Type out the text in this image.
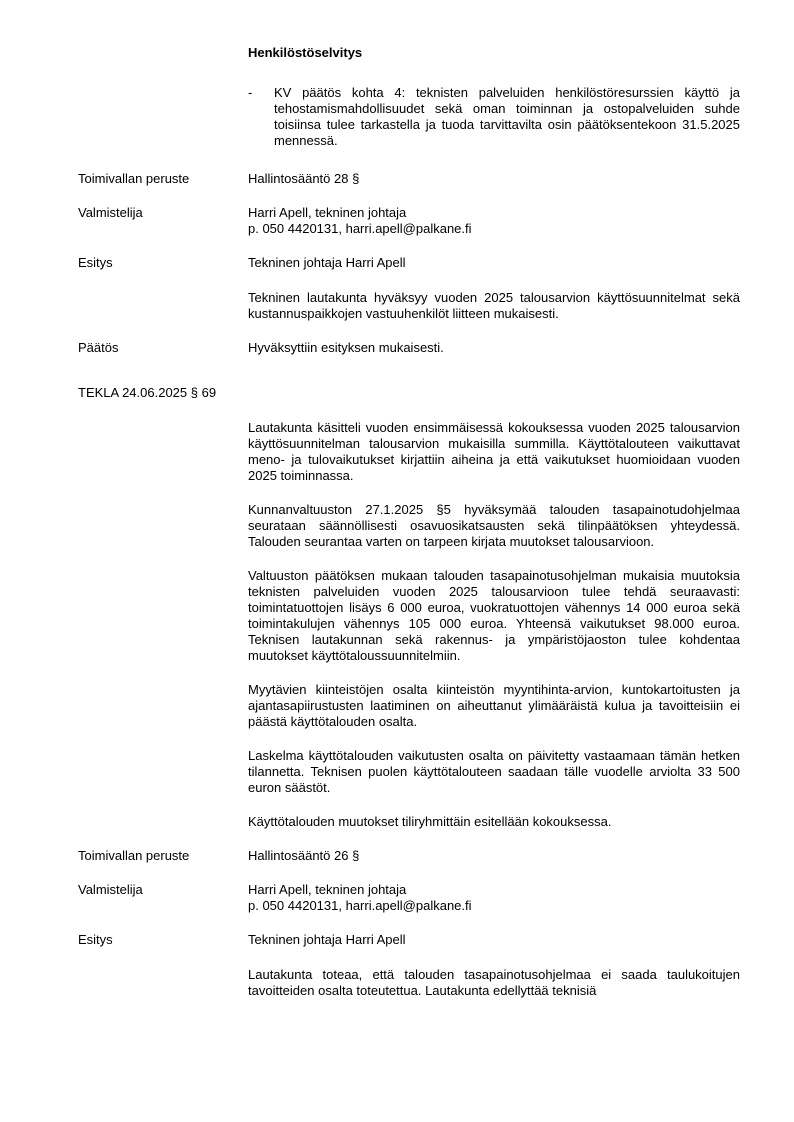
Henkilöstöselvitys
-	KV päätös kohta 4: teknisten palveluiden henkilöstöresurssien käyttö ja tehostamismahdollisuudet sekä oman toiminnan ja ostopalveluiden suhde toisiinsa tulee tarkastella ja tuoda tarvittavilta osin päätöksentekoon 31.5.2025 mennessä.

Toimivallan peruste	Hallintosääntö 28 §
Valmistelija	Harri Apell, tekninen johtaja
p. 050 4420131, harri.apell@palkane.fi
Esitys	Tekninen johtaja Harri Apell

Tekninen lautakunta hyväksyy vuoden 2025 talousarvion käyttösuunnitelmat sekä kustannuspaikkojen vastuuhenkilöt liitteen mukaisesti.

Päätös	Hyväksyttiin esityksen mukaisesti.
TEKLA 24.06.2025 § 69

Lautakunta käsitteli vuoden ensimmäisessä kokouksessa vuoden 2025 talousarvion käyttösuunnitelman talousarvion mukaisilla summilla. Käyttötalouteen vaikuttavat meno- ja tulovaikutukset kirjattiin aiheina ja että vaikutukset huomioidaan vuoden 2025 toiminnassa.

Kunnanvaltuuston 27.1.2025 §5 hyväksymää talouden tasapainotudohjelmaa seurataan säännöllisesti osavuosikatsausten sekä tilinpäätöksen yhteydessä. Talouden seurantaa varten on tarpeen kirjata muutokset talousarvioon.

Valtuuston päätöksen mukaan talouden tasapainotusohjelman mukaisia muutoksia teknisten palveluiden vuoden 2025 talousarvioon tulee tehdä seuraavasti: toimintatuottojen lisäys 6 000 euroa, vuokratuottojen vähennys 14 000 euroa sekä toimintakulujen vähennys 105 000 euroa. Yhteensä vaikutukset 98.000 euroa. Teknisen lautakunnan sekä rakennus- ja ympäristöjaoston tulee kohdentaa muutokset käyttötaloussuunnitelmiin.

Myytävien kiinteistöjen osalta kiinteistön myyntihinta-arvion, kuntokartoitusten ja ajantasapiirustusten laatiminen on aiheuttanut ylimääräistä kulua ja tavoitteisiin ei päästä käyttötalouden osalta.

Laskelma käyttötalouden vaikutusten osalta on päivitetty vastaamaan tämän hetken tilannetta. Teknisen puolen käyttötalouteen saadaan tälle vuodelle arviolta 33 500 euron säästöt.

Käyttötalouden muutokset tiliryhmittäin esitellään kokouksessa.

Toimivallan peruste	Hallintosääntö 26 §
Valmistelija	Harri Apell, tekninen johtaja
p. 050 4420131, harri.apell@palkane.fi
Esitys	Tekninen johtaja Harri Apell

Lautakunta toteaa, että talouden tasapainotusohjelmaa ei saada taulukoitujen tavoitteiden osalta toteutettua. Lautakunta edellyttää teknisiä
